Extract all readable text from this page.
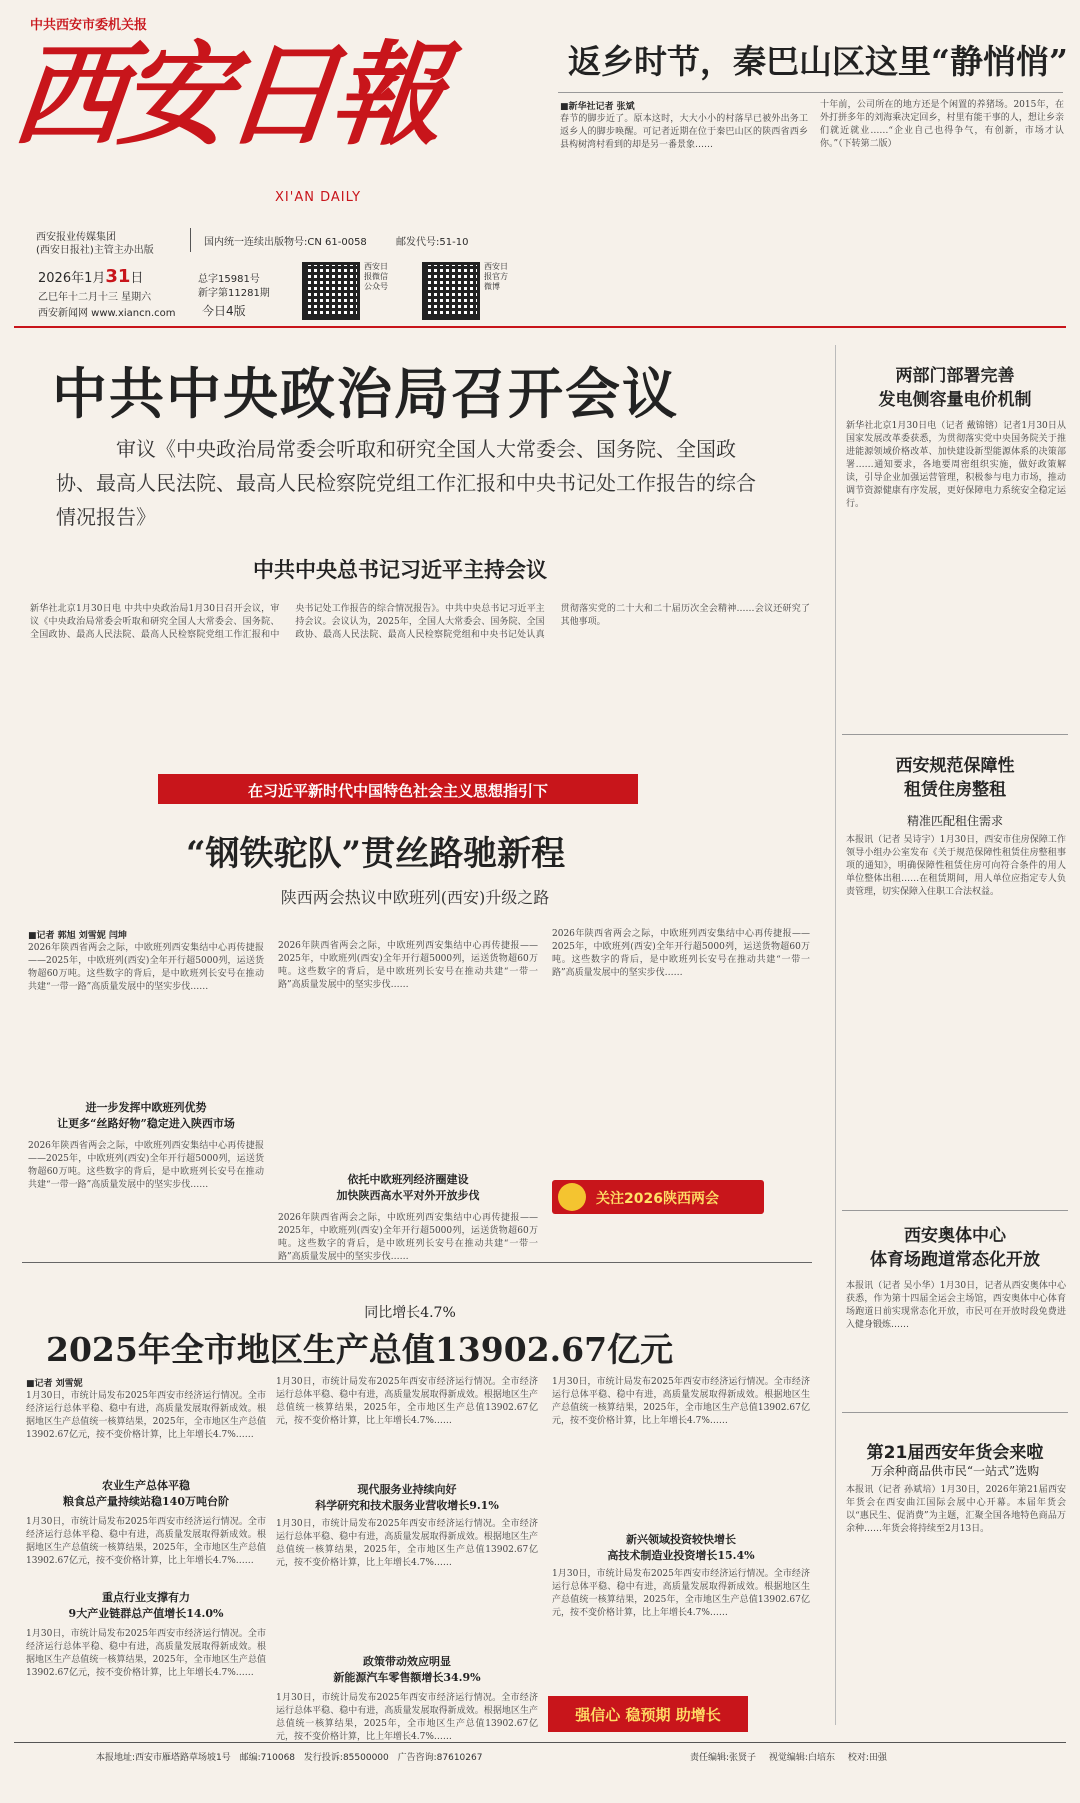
中共西安市委机关报
西安日報
XI'AN DAILY
西安报业传媒集团
(西安日报社)主管主办出版
国内统一连续出版物号:CN 61-0058	邮发代号:51-10
2026年1月31日
乙巳年十二月十三 星期六
西安新闻网 www.xiancn.com
总字15981号
新字第11281期
今日4版
西安日报微信公众号
西安日报官方微博
返乡时节，秦巴山区这里“静悄悄”
■新华社记者 张斌
春节的脚步近了。原本这时，大大小小的村落早已被外出务工返乡人的脚步唤醒。可记者近期在位于秦巴山区的陕西省西乡县构树湾村看到的却是另一番景象……
十年前，公司所在的地方还是个闲置的养猪场。2015年，在外打拼多年的刘海乘决定回乡，村里有能干事的人，想让乡亲们就近就业……“企业自己也得争气，有创新，市场才认你。”（下转第二版）
中共中央政治局召开会议
审议《中央政治局常委会听取和研究全国人大常委会、国务院、全国政协、最高人民法院、最高人民检察院党组工作汇报和中央书记处工作报告的综合情况报告》
中共中央总书记习近平主持会议
新华社北京1月30日电 中共中央政治局1月30日召开会议，审议《中央政治局常委会听取和研究全国人大常委会、国务院、全国政协、最高人民法院、最高人民检察院党组工作汇报和中央书记处工作报告的综合情况报告》。中共中央总书记习近平主持会议。会议认为，2025年，全国人大常委会、国务院、全国政协、最高人民法院、最高人民检察院党组和中央书记处认真贯彻落实党的二十大和二十届历次全会精神……会议还研究了其他事项。
在习近平新时代中国特色社会主义思想指引下
“钢铁驼队”贯丝路驰新程
陕西两会热议中欧班列(西安)升级之路
■记者 郭旭 刘雪妮 闫坤
2026年陕西省两会之际，中欧班列西安集结中心再传捷报——2025年，中欧班列(西安)全年开行超5000列，运送货物超60万吨。这些数字的背后，是中欧班列长安号在推动共建“一带一路”高质量发展中的坚实步伐……
进一步发挥中欧班列优势
让更多“丝路好物”稳定进入陕西市场
2026年陕西省两会之际，中欧班列西安集结中心再传捷报——2025年，中欧班列(西安)全年开行超5000列，运送货物超60万吨。这些数字的背后，是中欧班列长安号在推动共建“一带一路”高质量发展中的坚实步伐……
2026年陕西省两会之际，中欧班列西安集结中心再传捷报——2025年，中欧班列(西安)全年开行超5000列，运送货物超60万吨。这些数字的背后，是中欧班列长安号在推动共建“一带一路”高质量发展中的坚实步伐……
依托中欧班列经济圈建设
加快陕西高水平对外开放步伐
2026年陕西省两会之际，中欧班列西安集结中心再传捷报——2025年，中欧班列(西安)全年开行超5000列，运送货物超60万吨。这些数字的背后，是中欧班列长安号在推动共建“一带一路”高质量发展中的坚实步伐……
2026年陕西省两会之际，中欧班列西安集结中心再传捷报——2025年，中欧班列(西安)全年开行超5000列，运送货物超60万吨。这些数字的背后，是中欧班列长安号在推动共建“一带一路”高质量发展中的坚实步伐……
关注2026陕西两会
同比增长4.7%
2025年全市地区生产总值13902.67亿元
■记者 刘雪妮
1月30日，市统计局发布2025年西安市经济运行情况。全市经济运行总体平稳、稳中有进，高质量发展取得新成效。根据地区生产总值统一核算结果，2025年，全市地区生产总值13902.67亿元，按不变价格计算，比上年增长4.7%……
农业生产总体平稳
粮食总产量持续站稳140万吨台阶
1月30日，市统计局发布2025年西安市经济运行情况。全市经济运行总体平稳、稳中有进，高质量发展取得新成效。根据地区生产总值统一核算结果，2025年，全市地区生产总值13902.67亿元，按不变价格计算，比上年增长4.7%……
重点行业支撑有力
9大产业链群总产值增长14.0%
1月30日，市统计局发布2025年西安市经济运行情况。全市经济运行总体平稳、稳中有进，高质量发展取得新成效。根据地区生产总值统一核算结果，2025年，全市地区生产总值13902.67亿元，按不变价格计算，比上年增长4.7%……
1月30日，市统计局发布2025年西安市经济运行情况。全市经济运行总体平稳、稳中有进，高质量发展取得新成效。根据地区生产总值统一核算结果，2025年，全市地区生产总值13902.67亿元，按不变价格计算，比上年增长4.7%……
现代服务业持续向好
科学研究和技术服务业营收增长9.1%
1月30日，市统计局发布2025年西安市经济运行情况。全市经济运行总体平稳、稳中有进，高质量发展取得新成效。根据地区生产总值统一核算结果，2025年，全市地区生产总值13902.67亿元，按不变价格计算，比上年增长4.7%……
政策带动效应明显
新能源汽车零售额增长34.9%
1月30日，市统计局发布2025年西安市经济运行情况。全市经济运行总体平稳、稳中有进，高质量发展取得新成效。根据地区生产总值统一核算结果，2025年，全市地区生产总值13902.67亿元，按不变价格计算，比上年增长4.7%……
1月30日，市统计局发布2025年西安市经济运行情况。全市经济运行总体平稳、稳中有进，高质量发展取得新成效。根据地区生产总值统一核算结果，2025年，全市地区生产总值13902.67亿元，按不变价格计算，比上年增长4.7%……
新兴领域投资较快增长
高技术制造业投资增长15.4%
1月30日，市统计局发布2025年西安市经济运行情况。全市经济运行总体平稳、稳中有进，高质量发展取得新成效。根据地区生产总值统一核算结果，2025年，全市地区生产总值13902.67亿元，按不变价格计算，比上年增长4.7%……
强信心 稳预期 助增长
两部门部署完善
发电侧容量电价机制
新华社北京1月30日电（记者 戴锦镕）记者1月30日从国家发展改革委获悉，为贯彻落实党中央国务院关于推进能源领域价格改革、加快建设新型能源体系的决策部署……通知要求，各地要周密组织实施，做好政策解读，引导企业加强运营管理，积极参与电力市场，推动调节资源健康有序发展，更好保障电力系统安全稳定运行。
西安规范保障性
租赁住房整租
精准匹配租住需求
本报讯（记者 吴诗宇）1月30日，西安市住房保障工作领导小组办公室发布《关于规范保障性租赁住房整租事项的通知》，明确保障性租赁住房可向符合条件的用人单位整体出租……在租赁期间，用人单位应指定专人负责管理，切实保障入住职工合法权益。
西安奥体中心
体育场跑道常态化开放
本报讯（记者 吴小华）1月30日，记者从西安奥体中心获悉，作为第十四届全运会主场馆，西安奥体中心体育场跑道日前实现常态化开放，市民可在开放时段免费进入健身锻炼……
第21届西安年货会来啦
万余种商品供市民“一站式”选购
本报讯（记者 孙斌培）1月30日，2026年第21届西安年货会在西安曲江国际会展中心开幕。本届年货会以“惠民生、促消费”为主题，汇聚全国各地特色商品万余种……年货会将持续至2月13日。
本报地址:西安市雁塔路草场坡1号 邮编:710068 发行投诉:85500000 广告咨询:87610267	责任编辑:张贤子 视觉编辑:白培东 校对:田强
